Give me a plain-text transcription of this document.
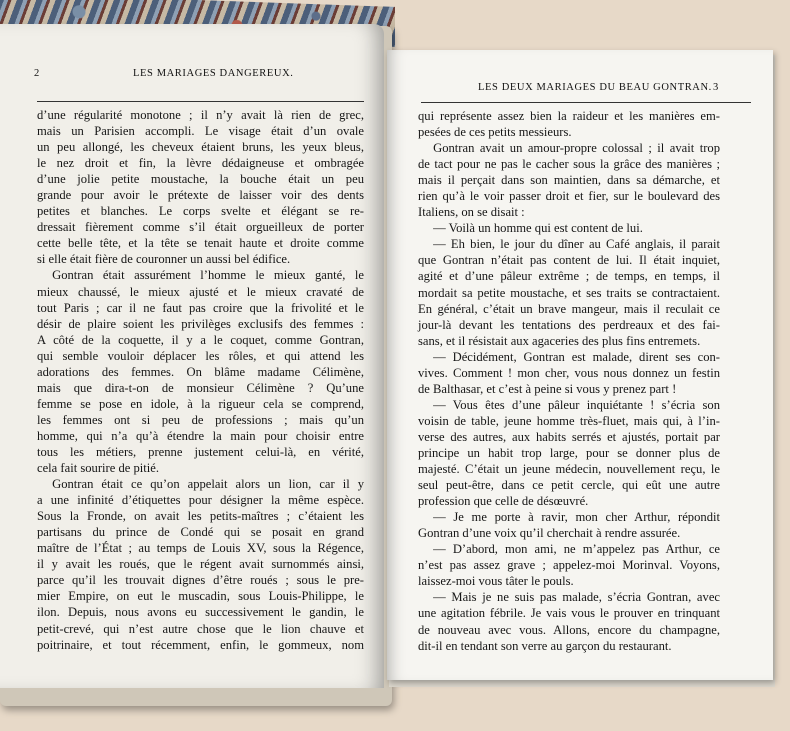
2	LES MARIAGES DANGEREUX.
d’une régularité monotone ; il n’y avait là rien de grec,
mais un Parisien accompli. Le visage était d’un ovale
un peu allongé, les cheveux étaient bruns, les yeux bleus,
le nez droit et fin, la lèvre dédaigneuse et ombragée
d’une jolie petite moustache, la bouche était un peu
grande pour avoir le prétexte de laisser voir des dents
petites et blanches. Le corps svelte et élégant se re-
dressait fièrement comme s’il était orgueilleux de porter
cette belle tête, et la tête se tenait haute et droite comme
si elle était fière de couronner un aussi bel édifice.
Gontran était assurément l’homme le mieux ganté, le
mieux chaussé, le mieux ajusté et le mieux cravaté de
tout Paris ; car il ne faut pas croire que la frivolité et le
désir de plaire soient les privilèges exclusifs des femmes :
A côté de la coquette, il y a le coquet, comme Gontran,
qui semble vouloir déplacer les rôles, et qui attend les
adorations des femmes. On blâme madame Célimène,
mais que dira-t-on de monsieur Célimène ? Qu’une
femme se pose en idole, à la rigueur cela se comprend,
les femmes ont si peu de professions ; mais qu’un
homme, qui n’a qu’à étendre la main pour choisir entre
tous les métiers, prenne justement celui-là, en vérité,
cela fait sourire de pitié.
Gontran était ce qu’on appelait alors un lion, car il y
a une infinité d’étiquettes pour désigner la même espèce.
Sous la Fronde, on avait les petits-maîtres ; c’étaient les
partisans du prince de Condé qui se posait en grand
maître de l’État ; au temps de Louis XV, sous la Régence,
il y avait les roués, que le régent avait surnommés ainsi,
parce qu’il les trouvait dignes d’être roués ; sous le pre-
mier Empire, on eut le muscadin, sous Louis-Philippe, le
ilon. Depuis, nous avons eu successivement le gandin, le
petit-crevé, qui n’est autre chose que le lion chauve et
poitrinaire, et tout récemment, enfin, le gommeux, nom
LES DEUX MARIAGES DU BEAU GONTRAN. 3
qui représente assez bien la raideur et les manières em-
pesées de ces petits messieurs.
Gontran avait un amour-propre colossal ; il avait trop
de tact pour ne pas le cacher sous la grâce des manières ;
mais il perçait dans son maintien, dans sa démarche, et
rien qu’à le voir passer droit et fier, sur le boulevard des
Italiens, on se disait :
— Voilà un homme qui est content de lui.
— Eh bien, le jour du dîner au Café anglais, il parait
que Gontran n’était pas content de lui. Il était inquiet,
agité et d’une pâleur extrême ; de temps, en temps, il
mordait sa petite moustache, et ses traits se contractaient.
En général, c’était un brave mangeur, mais il reculait ce
jour-là devant les tentations des perdreaux et des fai-
sans, et il résistait aux agaceries des plus fins entremets.
— Décidément, Gontran est malade, dirent ses con-
vives. Comment ! mon cher, vous nous donnez un festin
de Balthasar, et c’est à peine si vous y prenez part !
— Vous êtes d’une pâleur inquiétante ! s’écria son
voisin de table, jeune homme très-fluet, mais qui, à l’in-
verse des autres, aux habits serrés et ajustés, portait par
principe un habit trop large, pour se donner plus de
majesté. C’était un jeune médecin, nouvellement reçu, le
seul peut-être, dans ce petit cercle, qui eût une autre
profession que celle de désœuvré.
— Je me porte à ravir, mon cher Arthur, répondit
Gontran d’une voix qu’il cherchait à rendre assurée.
— D’abord, mon ami, ne m’appelez pas Arthur, ce
n’est pas assez grave ; appelez-moi Morinval. Voyons,
laissez-moi vous tâter le pouls.
— Mais je ne suis pas malade, s’écria Gontran, avec
une agitation fébrile. Je vais vous le prouver en trinquant
de nouveau avec vous. Allons, encore du champagne,
dit-il en tendant son verre au garçon du restaurant.
